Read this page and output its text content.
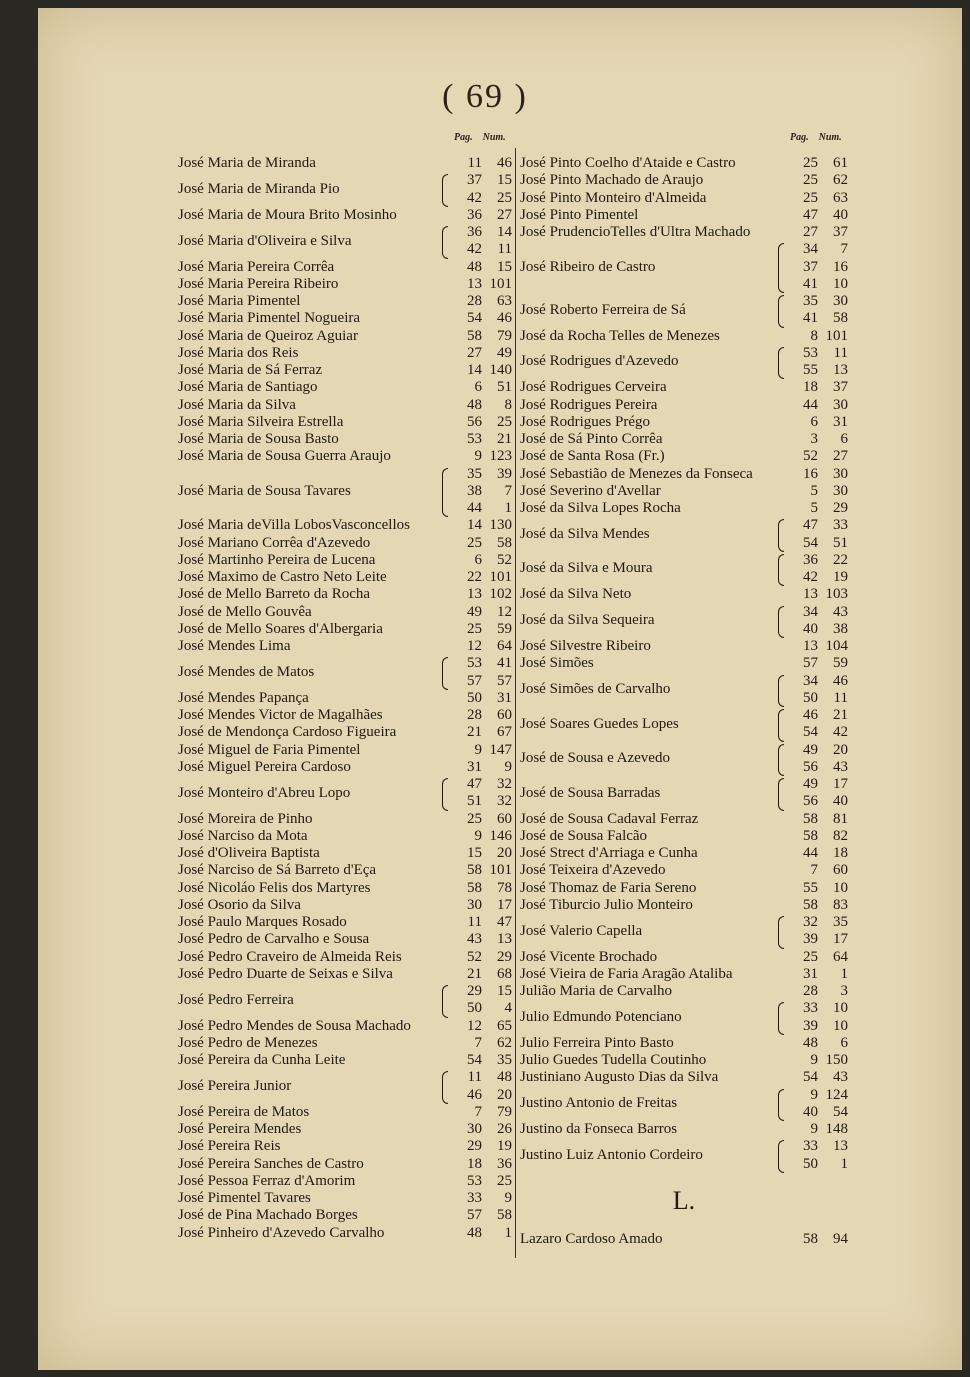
( 69 )
Pag. Num.	Pag. Num.
José Maria de Miranda	11 46
José Maria de Miranda Pio
37 15
42 25
José Maria de Moura Brito Mosinho	36 27
José Maria d'Oliveira e Silva
36 14
42 11
José Maria Pereira Corrêa	48 15
José Maria Pereira Ribeiro	13 101
José Maria Pimentel	28 63
José Maria Pimentel Nogueira	54 46
José Maria de Queiroz Aguiar	58 79
José Maria dos Reis	27 49
José Maria de Sá Ferraz	14 140
José Maria de Santiago	6 51
José Maria da Silva	48 8
José Maria Silveira Estrella	56 25
José Maria de Sousa Basto	53 21
José Maria de Sousa Guerra Araujo	9 123
José Maria de Sousa Tavares
35 39
38 7
44 1
José Maria deVilla LobosVasconcellos	14 130
José Mariano Corrêa d'Azevedo	25 58
José Martinho Pereira de Lucena	6 52
José Maximo de Castro Neto Leite	22 101
José de Mello Barreto da Rocha	13 102
José de Mello Gouvêa	49 12
José de Mello Soares d'Albergaria	25 59
José Mendes Lima	12 64
José Mendes de Matos
53 41
57 57
José Mendes Papança	50 31
José Mendes Victor de Magalhães	28 60
José de Mendonça Cardoso Figueira	21 67
José Miguel de Faria Pimentel	9 147
José Miguel Pereira Cardoso	31 9
José Monteiro d'Abreu Lopo
47 32
51 32
José Moreira de Pinho	25 60
José Narciso da Mota	9 146
José d'Oliveira Baptista	15 20
José Narciso de Sá Barreto d'Eça	58 101
José Nicoláo Felis dos Martyres	58 78
José Osorio da Silva	30 17
José Paulo Marques Rosado	11 47
José Pedro de Carvalho e Sousa	43 13
José Pedro Craveiro de Almeida Reis	52 29
José Pedro Duarte de Seixas e Silva	21 68
José Pedro Ferreira
29 15
50 4
José Pedro Mendes de Sousa Machado	12 65
José Pedro de Menezes	7 62
José Pereira da Cunha Leite	54 35
José Pereira Junior
11 48
46 20
José Pereira de Matos	7 79
José Pereira Mendes	30 26
José Pereira Reis	29 19
José Pereira Sanches de Castro	18 36
José Pessoa Ferraz d'Amorim	53 25
José Pimentel Tavares	33 9
José de Pina Machado Borges	57 58
José Pinheiro d'Azevedo Carvalho	48 1
José Pinto Coelho d'Ataide e Castro	25 61
José Pinto Machado de Araujo	25 62
José Pinto Monteiro d'Almeida	25 63
José Pinto Pimentel	47 40
José PrudencioTelles d'Ultra Machado	27 37
José Ribeiro de Castro
34 7
37 16
41 10
José Roberto Ferreira de Sá
35 30
41 58
José da Rocha Telles de Menezes	8 101
José Rodrigues d'Azevedo
53 11
55 13
José Rodrigues Cerveira	18 37
José Rodrigues Pereira	44 30
José Rodrigues Prégo	6 31
José de Sá Pinto Corrêa	3 6
José de Santa Rosa (Fr.)	52 27
José Sebastião de Menezes da Fonseca	16 30
José Severino d'Avellar	5 30
José da Silva Lopes Rocha	5 29
José da Silva Mendes
47 33
54 51
José da Silva e Moura
36 22
42 19
José da Silva Neto	13 103
José da Silva Sequeira
34 43
40 38
José Silvestre Ribeiro	13 104
José Simões	57 59
José Simões de Carvalho
34 46
50 11
José Soares Guedes Lopes
46 21
54 42
José de Sousa e Azevedo
49 20
56 43
José de Sousa Barradas
49 17
56 40
José de Sousa Cadaval Ferraz	58 81
José de Sousa Falcão	58 82
José Strect d'Arriaga e Cunha	44 18
José Teixeira d'Azevedo	7 60
José Thomaz de Faria Sereno	55 10
José Tiburcio Julio Monteiro	58 83
José Valerio Capella
32 35
39 17
José Vicente Brochado	25 64
José Vieira de Faria Aragão Ataliba	31 1
Julião Maria de Carvalho	28 3
Julio Edmundo Potenciano
33 10
39 10
Julio Ferreira Pinto Basto	48 6
Julio Guedes Tudella Coutinho	9 150
Justiniano Augusto Dias da Silva	54 43
Justino Antonio de Freitas
9 124
40 54
Justino da Fonseca Barros	9 148
Justino Luiz Antonio Cordeiro
33 13
50 1
Lazaro Cardoso Amado	58 94
L.
